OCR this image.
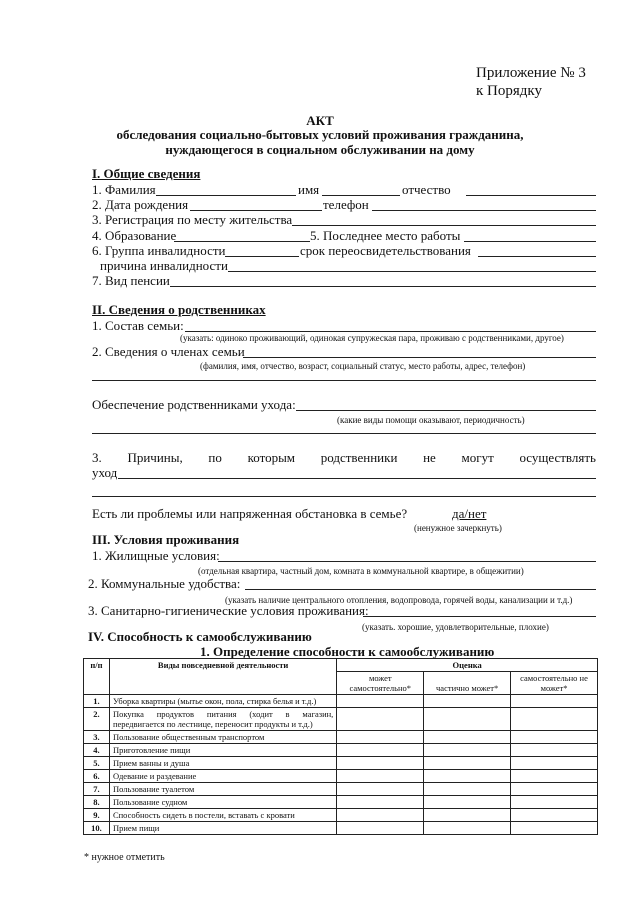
Приложение № 3
к Порядку
АКТ
обследования социально-бытовых условий проживания гражданина,
нуждающегося в социальном обслуживании на дому
I. Общие сведения
1. Фамилия	имя	отчество
2. Дата рождения	телефон
3. Регистрация по месту жительства
4. Образование	5. Последнее место работы
6. Группа инвалидности	срок переосвидетельствования
причина инвалидности
7. Вид пенсии
II. Сведения о родственниках
1. Состав семьи:
(указать: одиноко проживающий, одинокая супружеская пара, проживаю с родственниками, другое)
2. Сведения о членах семьи
(фамилия, имя, отчество, возраст, социальный статус, место работы, адрес, телефон)
Обеспечение родственниками ухода:
(какие виды помощи оказывают, периодичность)
3. Причины, по которым родственники не могут осуществлять
уход
Есть ли проблемы или напряженная обстановка в семье?	да/нет
(ненужное зачеркнуть)
III. Условия проживания
1. Жилищные условия:
(отдельная квартира, частный дом, комната в коммунальной квартире, в общежитии)
2. Коммунальные удобства:
(указать наличие центрального отопления, водопровода, горячей воды, канализации и т.д.)
3. Санитарно-гигиенические условия проживания:
(указать. хорошие, удовлетворительные, плохие)
IV. Способность к самообслуживанию
1. Определение способности к самообслуживанию
п/п	Виды повседневной деятельности	Оценка		
		может самостоятельно*	частично может*	самостоятельно не может*
1.	Уборка квартиры (мытье окон, пола, стирка белья и т.д.)			
2.	Покупка продуктов питания (ходит в магазин, передвигается по лестнице, переносит продукты и т.д.)			
3.	Пользование общественным транспортом			
4.	Приготовление пищи			
5.	Прием ванны и душа			
6.	Одевание и раздевание			
7.	Пользование туалетом			
8.	Пользование судном			
9.	Способность сидеть в постели, вставать с кровати			
10.	Прием пищи			
* нужное отметить
